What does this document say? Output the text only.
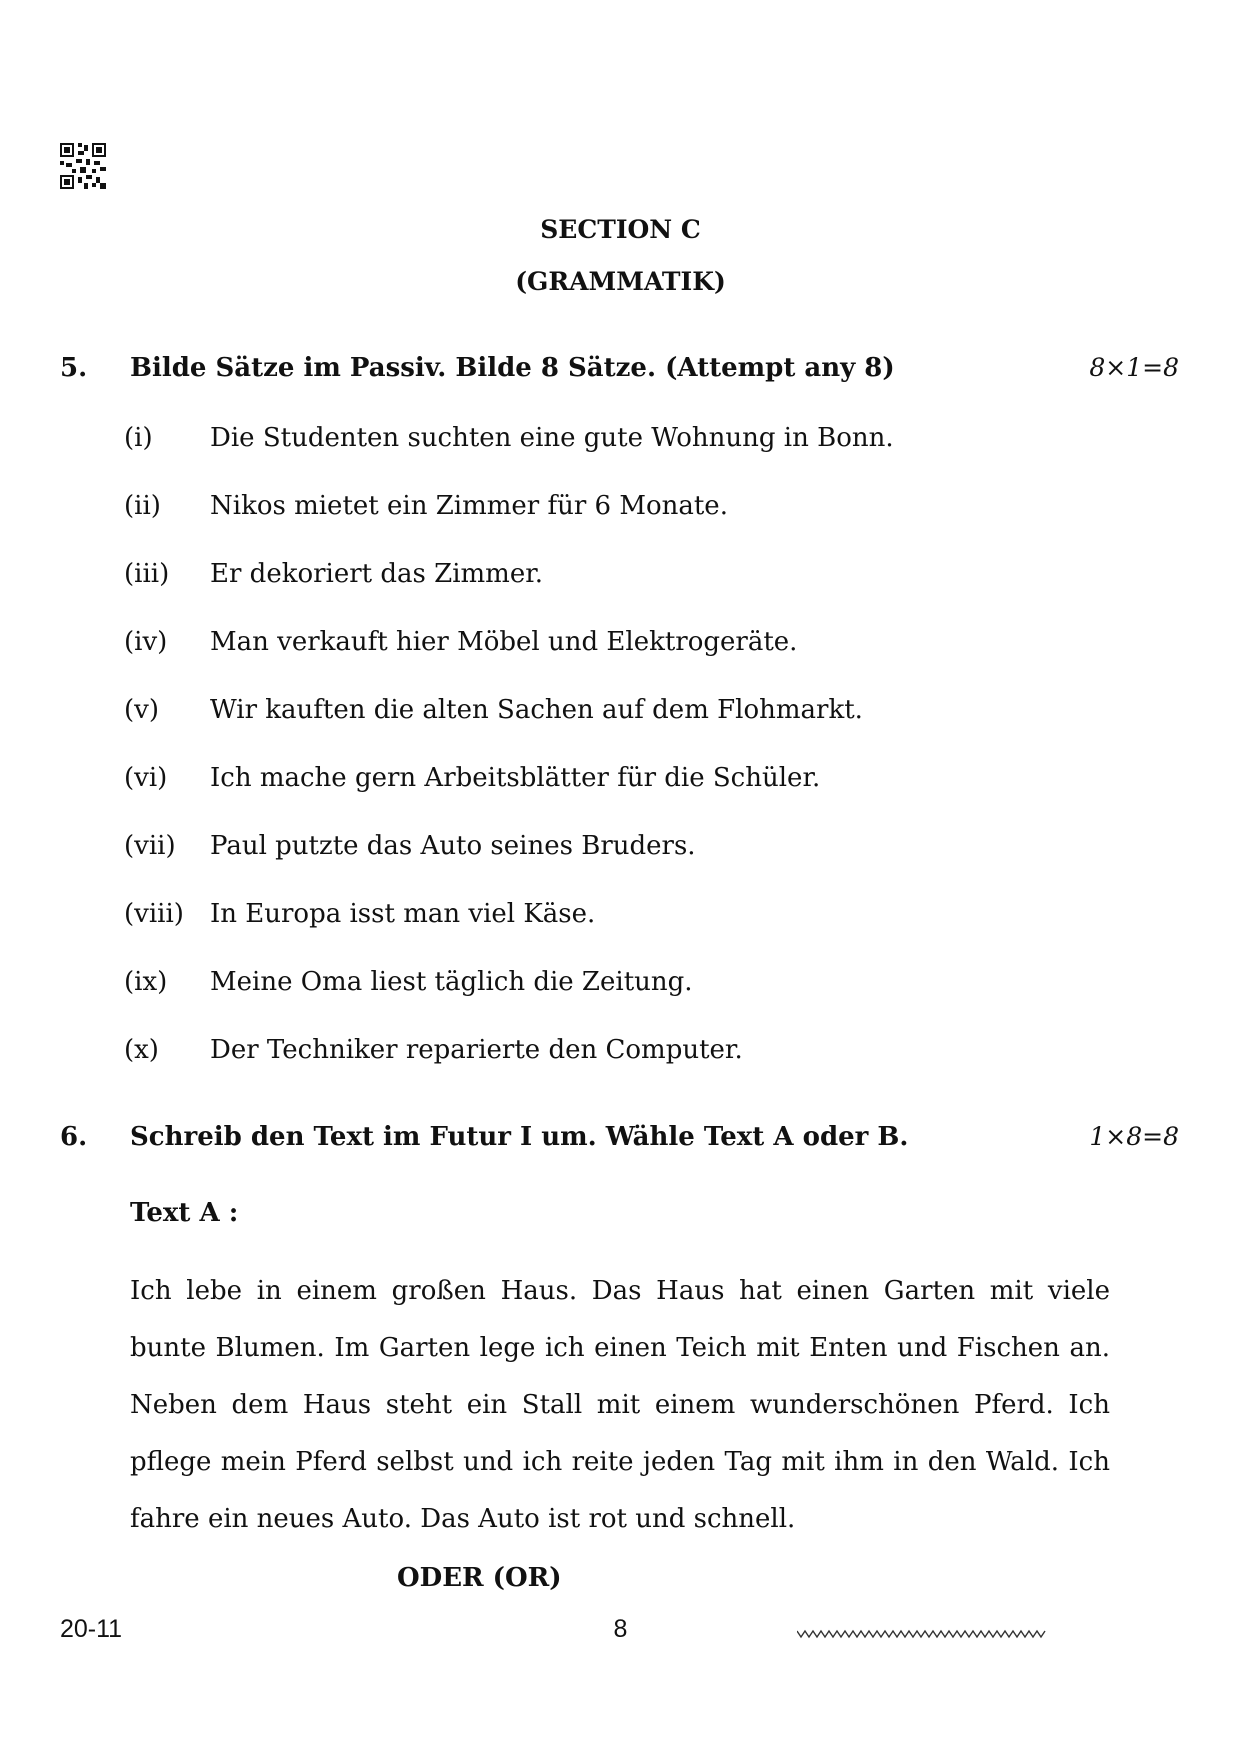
SECTION C
(GRAMMATIK)
5. Bilde Sätze im Passiv. Bilde 8 Sätze. (Attempt any 8)	8×1=8
(i) Die Studenten suchten eine gute Wohnung in Bonn.
(ii) Nikos mietet ein Zimmer für 6 Monate.
(iii) Er dekoriert das Zimmer.
(iv) Man verkauft hier Möbel und Elektrogeräte.
(v) Wir kauften die alten Sachen auf dem Flohmarkt.
(vi) Ich mache gern Arbeitsblätter für die Schüler.
(vii) Paul putzte das Auto seines Bruders.
(viii) In Europa isst man viel Käse.
(ix) Meine Oma liest täglich die Zeitung.
(x) Der Techniker reparierte den Computer.
6. Schreib den Text im Futur I um. Wähle Text A oder B.	1×8=8
Text A :

Ich lebe in einem großen Haus. Das Haus hat einen Garten mit viele bunte Blumen. Im Garten lege ich einen Teich mit Enten und Fischen an. Neben dem Haus steht ein Stall mit einem wunderschönen Pferd. Ich pflege mein Pferd selbst und ich reite jeden Tag mit ihm in den Wald. Ich fahre ein neues Auto. Das Auto ist rot und schnell.

ODER (OR)
20-11	8
